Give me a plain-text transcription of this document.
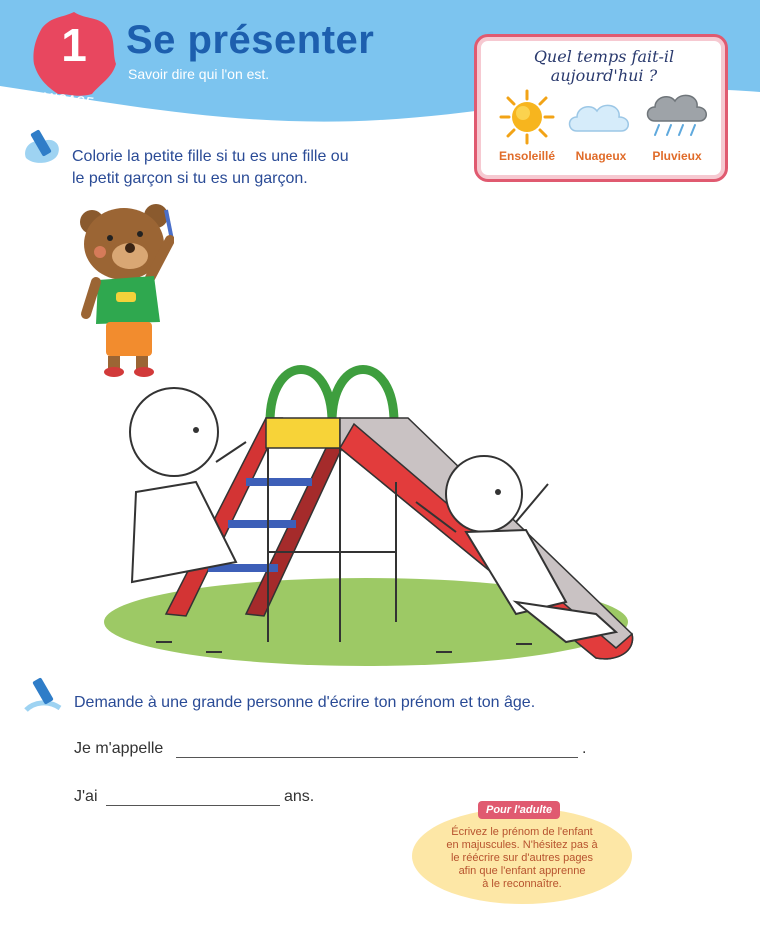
1 Se présenter
Savoir dire qui l'on est.
LANGAGE
Quel temps fait-il aujourd'hui ?
Ensoleillé	Nuageux	Pluvieux
Colorie la petite fille si tu es une fille ou
le petit garçon si tu es un garçon.
Demande à une grande personne d'écrire ton prénom et ton âge.
Je m'appelle	.
J'ai	ans.
Pour l'adulte
Écrivez le prénom de l'enfant
en majuscules. N'hésitez pas à
le réécrire sur d'autres pages
afin que l'enfant apprenne
à le reconnaître.
